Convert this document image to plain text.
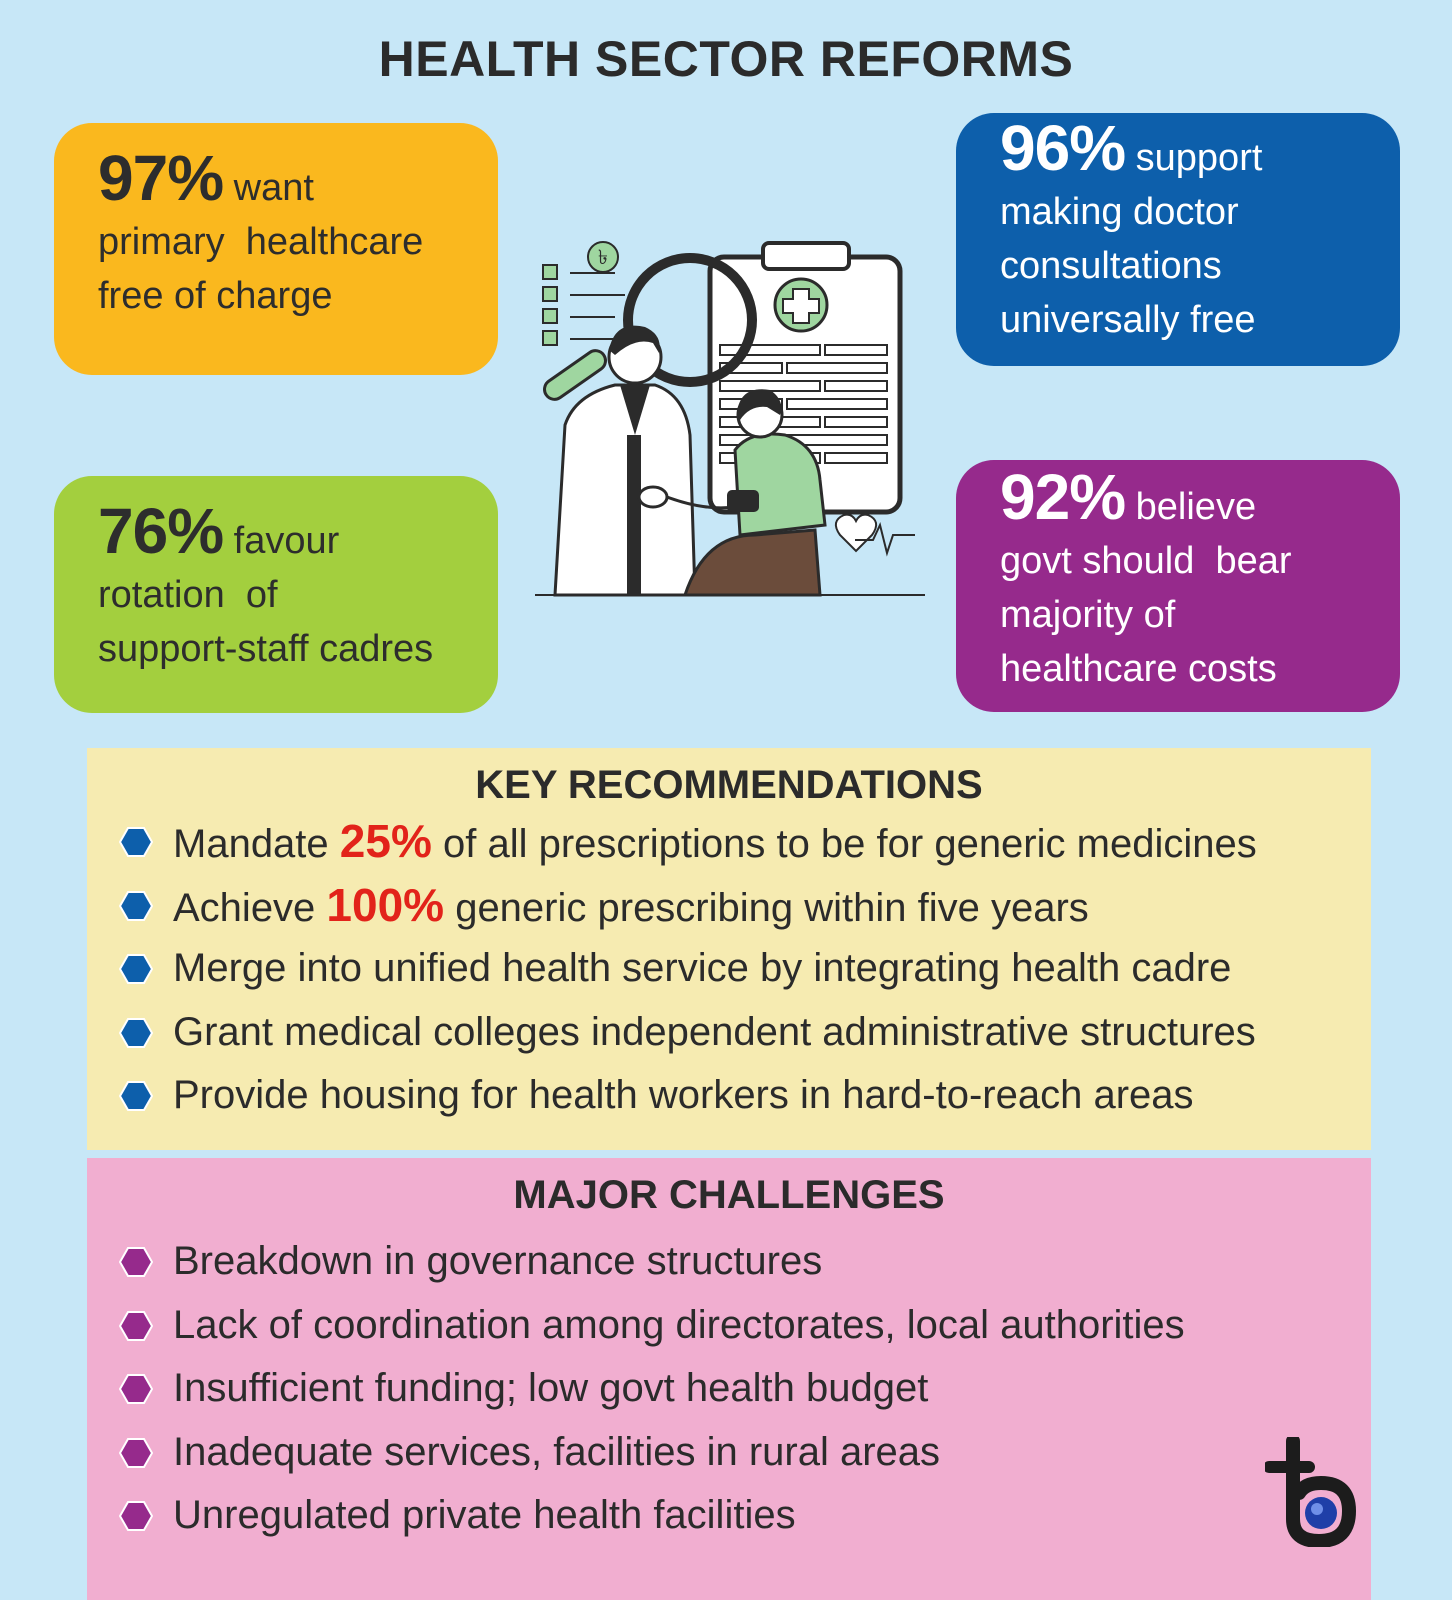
HEALTH SECTOR REFORMS
97% want
primary  healthcare
free of charge
76% favour
rotation  of
support-staff cadres
96% support
making doctor
consultations
universally free
92% believe
govt should  bear
majority of
healthcare costs
৳
KEY RECOMMENDATIONS
Mandate 25% of all prescriptions to be for generic medicines
Achieve 100% generic prescribing within five years
Merge into unified health service by integrating health cadre
Grant medical colleges independent administrative structures
Provide housing for health workers in hard-to-reach areas
MAJOR CHALLENGES
Breakdown in governance structures
Lack of coordination among directorates, local authorities
Insufficient funding; low govt health budget
Inadequate services, facilities in rural areas
Unregulated private health facilities
